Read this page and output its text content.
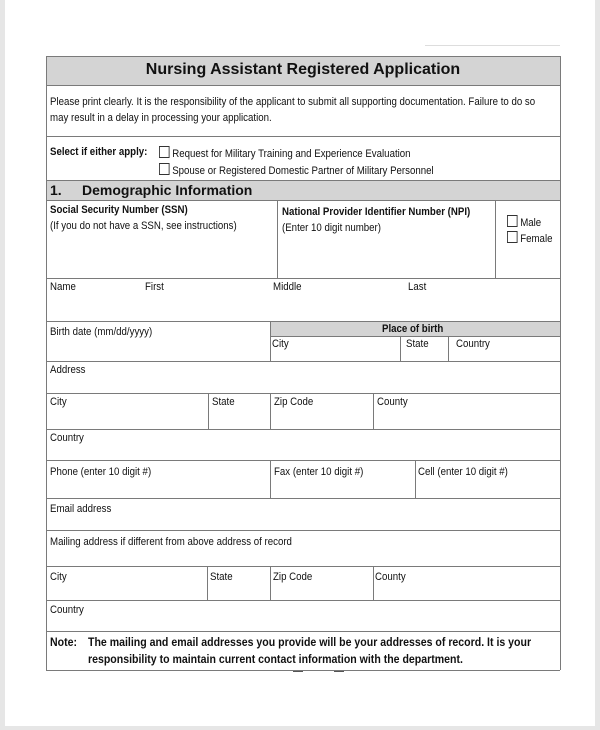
Nursing Assistant Registered Application
Please print clearly. It is the responsibility of the applicant to submit all supporting documentation. Failure to do so
may result in a delay in processing your application.
Select if either apply:	Request for Military Training and Experience Evaluation
Spouse or Registered Domestic Partner of Military Personnel
1. Demographic Information
Social Security Number (SSN)
(If you do not have a SSN, see instructions)
National Provider Identifier Number (NPI)
(Enter 10 digit number)	Male
Female
Name	First	Middle	Last
Birth date (mm/dd/yyyy)	Place of birth
City	State Country
Address
City	State	Zip Code	County
Country
Phone (enter 10 digit #)	Fax (enter 10 digit #)	Cell (enter 10 digit #)
Email address
Mailing address if different from above address of record
City	State	Zip Code	County
Country
Note: The mailing and email addresses you provide will be your addresses of record. It is your
responsibility to maintain current contact information with the department.
